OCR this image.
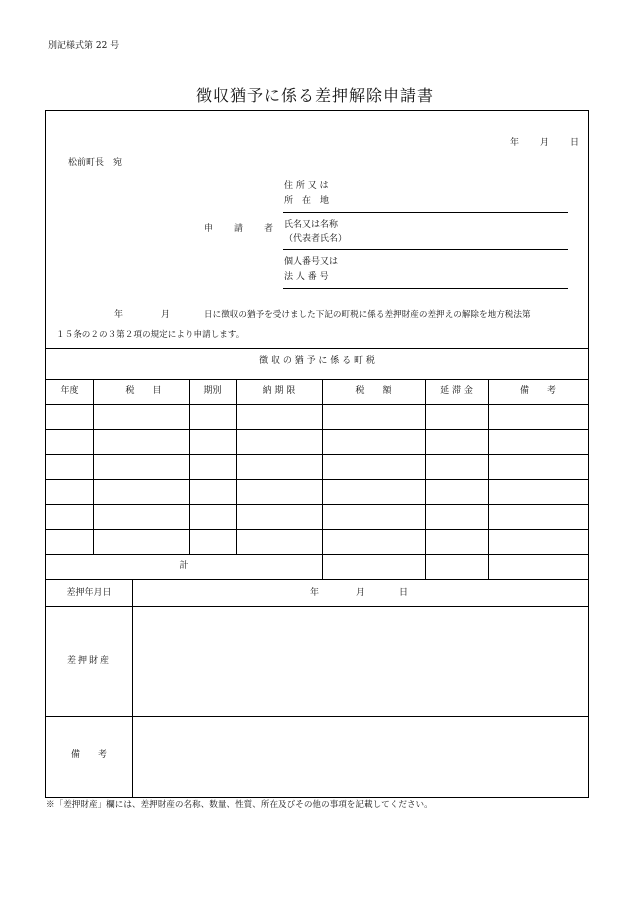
別記様式第 22 号
徴収猶予に係る差押解除申請書
年 月 日
松前町長　宛
申　請　者
住 所 又 は
所　在　地
氏名又は名称
（代表者氏名）
個人番号又は
法 人 番 号
年	月	日に徴収の猶予を受けました下記の町税に係る差押財産の差押えの解除を地方税法第
１５条の２の３第２項の規定により申請します。
徴 収 の 猶 予 に 係 る 町 税
年度	税　　目	期別	納 期 限	税　　額	延 滞 金	備　　考
計
差押年月日	年	月	日
差押財産
備　　考
※「差押財産」欄には、差押財産の名称、数量、性質、所在及びその他の事項を記載してください。
